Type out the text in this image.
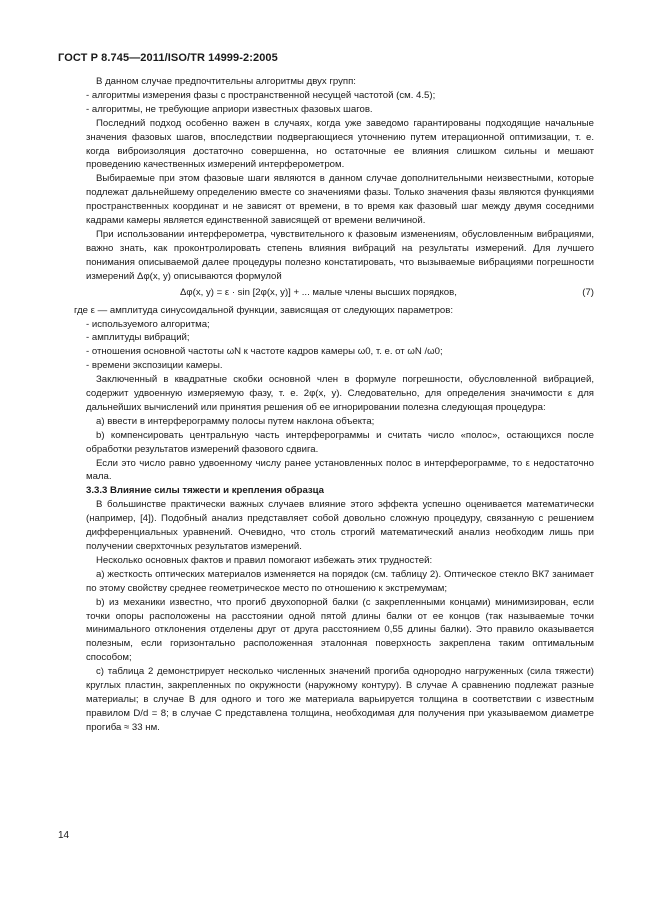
ГОСТ Р 8.745—2011/ISO/TR 14999-2:2005

В данном случае предпочтительны алгоритмы двух групп:

- алгоритмы измерения фазы с пространственной несущей частотой (см. 4.5);

- алгоритмы, не требующие априори известных фазовых шагов.

Последний подход особенно важен в случаях, когда уже заведомо гарантированы подходящие начальные значения фазовых шагов, впоследствии подвергающиеся уточнению путем итерационной оптимизации, т. е. когда виброизоляция достаточно совершенна, но остаточные ее влияния слишком сильны и мешают проведению качественных измерений интерферометром.

Выбираемые при этом фазовые шаги являются в данном случае дополнительными неизвестными, которые подлежат дальнейшему определению вместе со значениями фазы. Только значения фазы являются функциями пространственных координат и не зависят от времени, в то время как фазовый шаг между двумя соседними кадрами камеры является единственной зависящей от времени величиной.

При использовании интерферометра, чувствительного к фазовым изменениям, обусловленным вибрациями, важно знать, как проконтролировать степень влияния вибраций на результаты измерений. Для лучшего понимания описываемой далее процедуры полезно констатировать, что вызываемые вибрациями погрешности измерений Δφ(x, y) описываются формулой

Δφ(x, y) = ε · sin [2φ(x, y)] + ... малые члены высших порядков,	(7)

где ε — амплитуда синусоидальной функции, зависящая от следующих параметров:

- используемого алгоритма;

- амплитуды вибраций;

- отношения основной частоты ωN к частоте кадров камеры ω0, т. е. от ωN /ω0;

- времени экспозиции камеры.

Заключенный в квадратные скобки основной член в формуле погрешности, обусловленной вибрацией, содержит удвоенную измеряемую фазу, т. е. 2φ(x, y). Следовательно, для определения значимости ε для дальнейших вычислений или принятия решения об ее игнорировании полезна следующая процедура:

a) ввести в интерферограмму полосы путем наклона объекта;

b) компенсировать центральную часть интерферограммы и считать число «полос», остающихся после обработки результатов измерений фазового сдвига.

Если это число равно удвоенному числу ранее установленных полос в интерферограмме, то ε недостаточно мала.

3.3.3 Влияние силы тяжести и крепления образца

В большинстве практически важных случаев влияние этого эффекта успешно оценивается математически (например, [4]). Подобный анализ представляет собой довольно сложную процедуру, связанную с решением дифференциальных уравнений. Очевидно, что столь строгий математический анализ необходим лишь при получении сверхточных результатов измерений.

Несколько основных фактов и правил помогают избежать этих трудностей:

a) жесткость оптических материалов изменяется на порядок (см. таблицу 2). Оптическое стекло ВК7 занимает по этому свойству среднее геометрическое место по отношению к экстремумам;

b) из механики известно, что прогиб двухопорной балки (с закрепленными концами) минимизирован, если точки опоры расположены на расстоянии одной пятой длины балки от ее концов (так называемые точки минимального отклонения отделены друг от друга расстоянием 0,55 длины балки). Это правило оказывается полезным, если горизонтально расположенная эталонная поверхность закреплена таким оптимальным способом;

c) таблица 2 демонстрирует несколько численных значений прогиба однородно нагруженных (сила тяжести) круглых пластин, закрепленных по окружности (наружному контуру). В случае A сравнению подлежат разные материалы; в случае B для одного и того же материала варьируется толщина в соответствии с известным правилом D/d = 8; в случае C представлена толщина, необходимая для получения при указываемом диаметре прогиба ≈ 33 нм.

14
